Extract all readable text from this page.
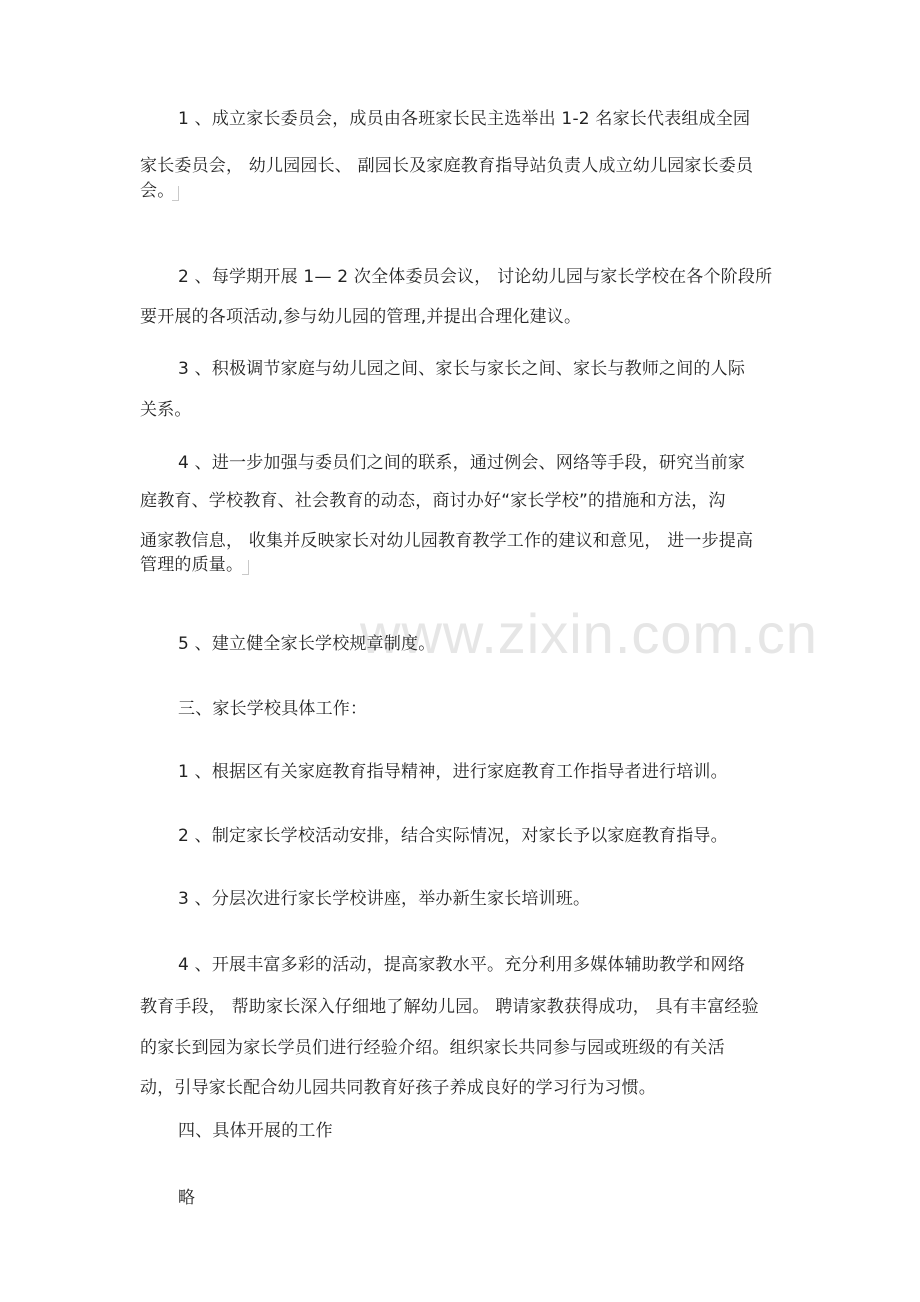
www.zixin.com.cn
1 、成立家长委员会，成员由各班家长民主选举出 1-2 名家长代表组成全园
家长委员会， 幼儿园园长、 副园长及家庭教育指导站负责人成立幼儿园家长委员
会。
2 、每学期开展 1— 2 次全体委员会议， 讨论幼儿园与家长学校在各个阶段所
要开展的各项活动,参与幼儿园的管理,并提出合理化建议。
3 、积极调节家庭与幼儿园之间、家长与家长之间、家长与教师之间的人际
关系。
4 、进一步加强与委员们之间的联系，通过例会、网络等手段，研究当前家
庭教育、学校教育、社会教育的动态，商讨办好“家长学校”的措施和方法，沟
通家教信息， 收集并反映家长对幼儿园教育教学工作的建议和意见， 进一步提高
管理的质量。
5 、建立健全家长学校规章制度。
三、家长学校具体工作：
1 、根据区有关家庭教育指导精神，进行家庭教育工作指导者进行培训。
2 、制定家长学校活动安排，结合实际情况，对家长予以家庭教育指导。
3 、分层次进行家长学校讲座，举办新生家长培训班。
4 、开展丰富多彩的活动，提高家教水平。充分利用多媒体辅助教学和网络
教育手段， 帮助家长深入仔细地了解幼儿园。 聘请家教获得成功， 具有丰富经验
的家长到园为家长学员们进行经验介绍。组织家长共同参与园或班级的有关活
动，引导家长配合幼儿园共同教育好孩子养成良好的学习行为习惯。
四、具体开展的工作
略
